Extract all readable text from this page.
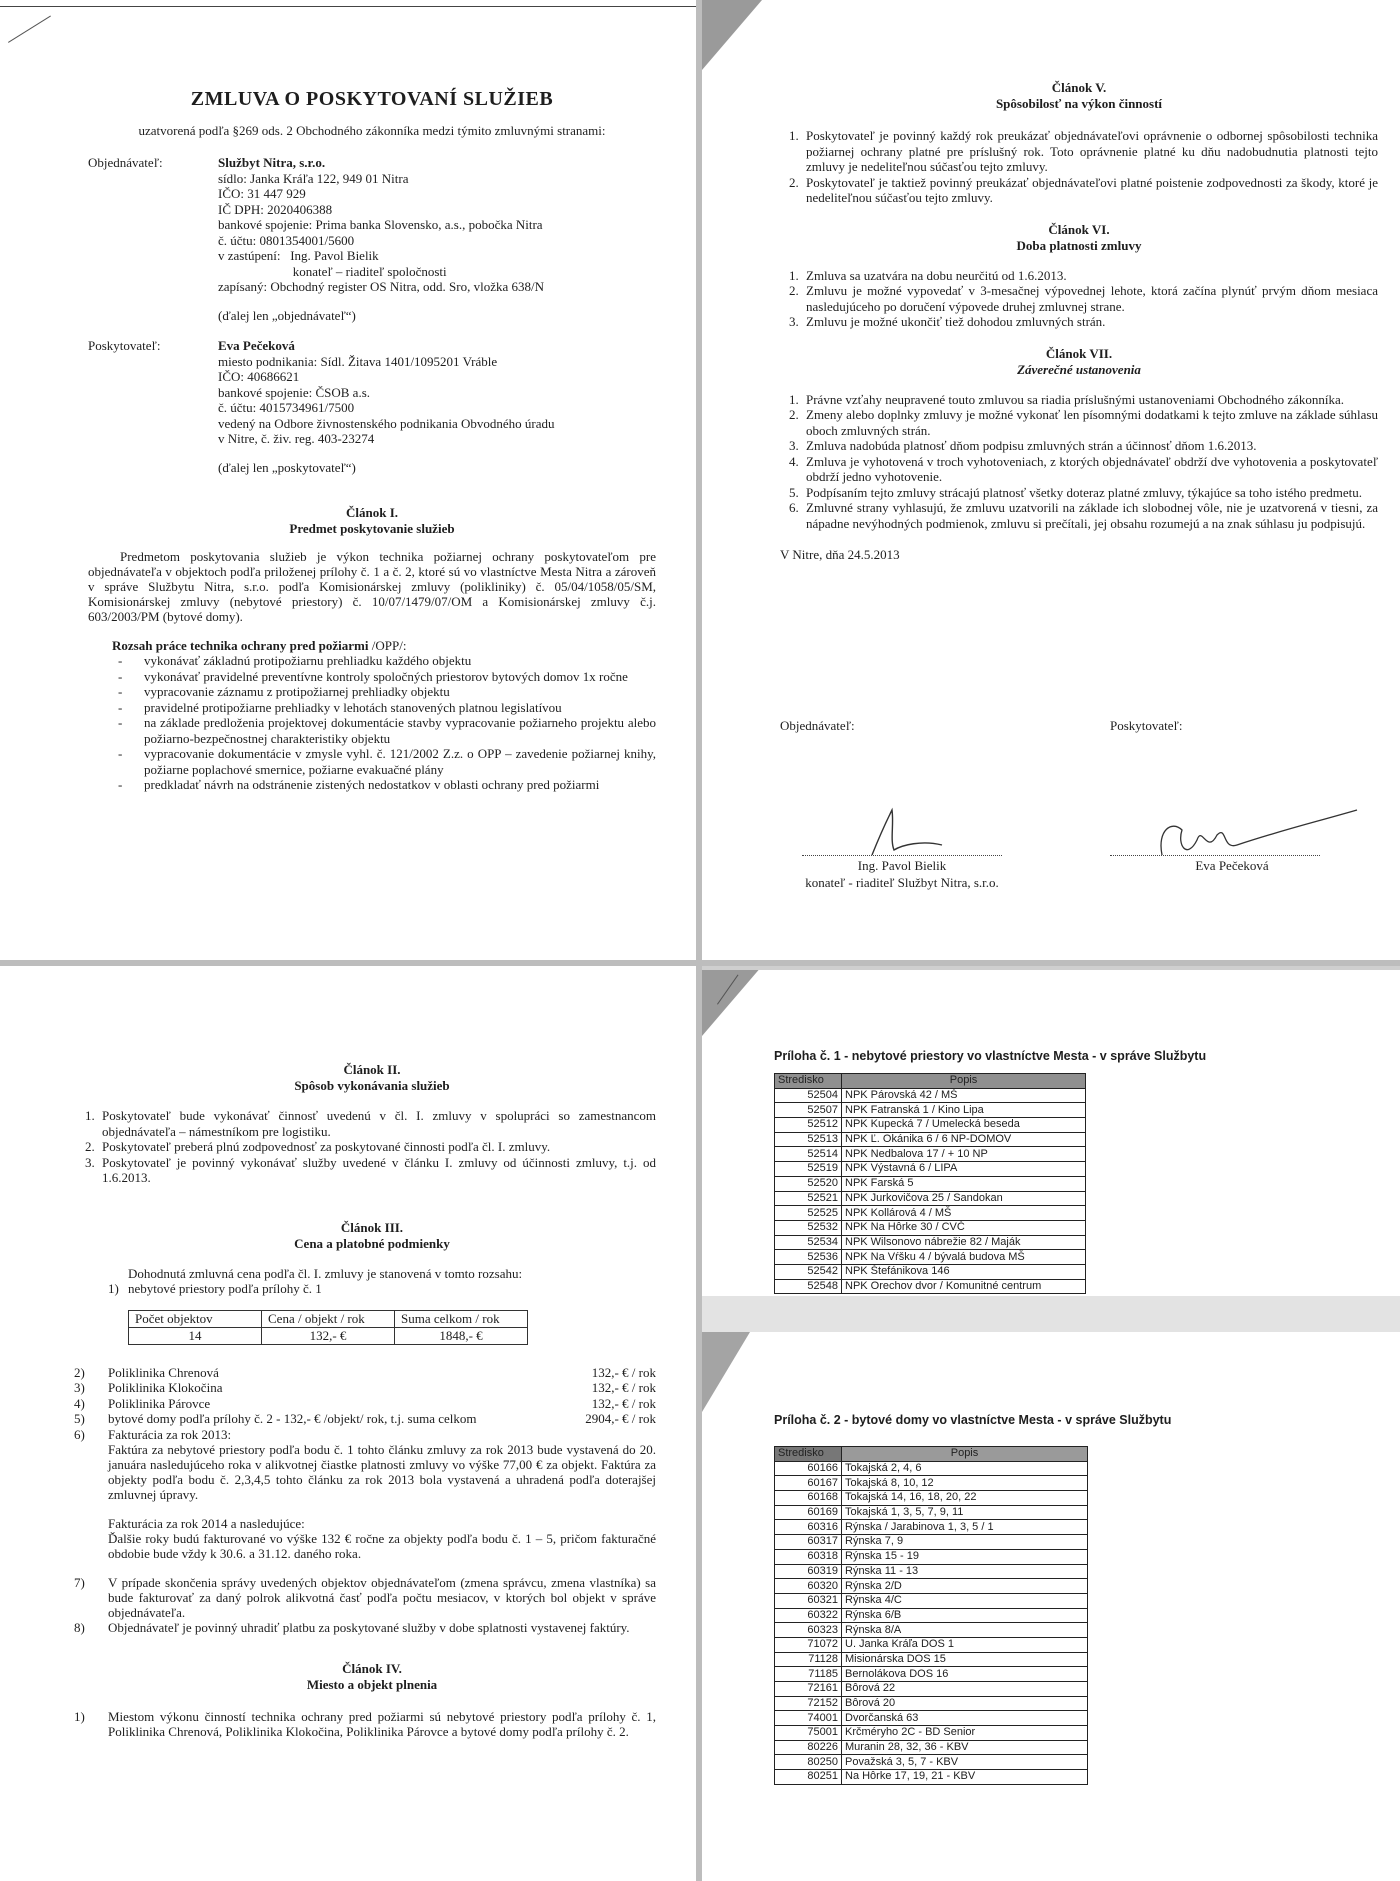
ZMLUVA O POSKYTOVANÍ SLUŽIEB
uzatvorená podľa §269 ods. 2 Obchodného zákonníka medzi týmito zmluvnými stranami:
Objednávateľ:	Službyt Nitra, s.r.o.
sídlo: Janka Kráľa 122, 949 01 Nitra
IČO: 31 447 929
IČ DPH: 2020406388
bankové spojenie: Prima banka Slovensko, a.s., pobočka Nitra
č. účtu: 0801354001/5600
v zastúpení:   Ing. Pavol Bielik
konateľ – riaditeľ spoločnosti
zapísaný: Obchodný register OS Nitra, odd. Sro, vložka 638/N
(ďalej len „objednávateľ“)
Poskytovateľ:	Eva Pečeková
miesto podnikania: Sídl. Žitava 1401/1095201 Vráble
IČO: 40686621
bankové spojenie: ČSOB a.s.
č. účtu: 4015734961/7500
vedený na Odbore živnostenského podnikania Obvodného úradu
v Nitre, č. živ. reg. 403-23274
(ďalej len „poskytovateľ“)
Článok I.
Predmet poskytovanie služieb
Predmetom poskytovania služieb je výkon technika požiarnej ochrany poskytovateľom pre objednávateľa v objektoch podľa priloženej prílohy č. 1 a č. 2, ktoré sú vo vlastníctve Mesta Nitra a zároveň v správe Službytu Nitra, s.r.o. podľa Komisionárskej zmluvy (polikliniky) č. 05/04/1058/05/SM, Komisionárskej zmluvy (nebytové priestory) č. 10/07/1479/07/OM a Komisionárskej zmluvy č.j. 603/2003/PM (bytové domy).
Rozsah práce technika ochrany pred požiarmi /OPP/:
- vykonávať základnú protipožiarnu prehliadku každého objektu
- vykonávať pravidelné preventívne kontroly spoločných priestorov bytových domov 1x ročne
- vypracovanie záznamu z protipožiarnej prehliadky objektu
- pravidelné protipožiarne prehliadky v lehotách stanovených platnou legislatívou
- na základe predloženia projektovej dokumentácie stavby vypracovanie požiarneho projektu alebo požiarno-bezpečnostnej charakteristiky objektu
- vypracovanie dokumentácie v zmysle vyhl. č. 121/2002 Z.z. o OPP – zavedenie požiarnej knihy, požiarne poplachové smernice, požiarne evakuačné plány
- predkladať návrh na odstránenie zistených nedostatkov v oblasti ochrany pred požiarmi
Článok V.
Spôsobilosť na výkon činností
1. Poskytovateľ je povinný každý rok preukázať objednávateľovi oprávnenie o odbornej spôsobilosti technika požiarnej ochrany platné pre príslušný rok. Toto oprávnenie platné ku dňu nadobudnutia platnosti tejto zmluvy je nedeliteľnou súčasťou tejto zmluvy.
2. Poskytovateľ je taktiež povinný preukázať objednávateľovi platné poistenie zodpovednosti za škody, ktoré je nedeliteľnou súčasťou tejto zmluvy.
Článok VI.
Doba platnosti zmluvy
1. Zmluva sa uzatvára na dobu neurčitú od 1.6.2013.
2. Zmluvu je možné vypovedať v 3-mesačnej výpovednej lehote, ktorá začína plynúť prvým dňom mesiaca nasledujúceho po doručení výpovede druhej zmluvnej strane.
3. Zmluvu je možné ukončiť tiež dohodou zmluvných strán.
Článok VII.
Záverečné ustanovenia
1. Právne vzťahy neupravené touto zmluvou sa riadia príslušnými ustanoveniami Obchodného zákonníka.
2. Zmeny alebo doplnky zmluvy je možné vykonať len písomnými dodatkami k tejto zmluve na základe súhlasu oboch zmluvných strán.
3. Zmluva nadobúda platnosť dňom podpisu zmluvných strán a účinnosť dňom 1.6.2013.
4. Zmluva je vyhotovená v troch vyhotoveniach, z ktorých objednávateľ obdrží dve vyhotovenia a poskytovateľ obdrží jedno vyhotovenie.
5. Podpísaním tejto zmluvy strácajú platnosť všetky doteraz platné zmluvy, týkajúce sa toho istého predmetu.
6. Zmluvné strany vyhlasujú, že zmluvu uzatvorili na základe ich slobodnej vôle, nie je uzatvorená v tiesni, za nápadne nevýhodných podmienok, zmluvu si prečítali, jej obsahu rozumejú a na znak súhlasu ju podpisujú.
V Nitre, dňa 24.5.2013
Objednávateľ:	Poskytovateľ:
Ing. Pavol Bielik
konateľ - riaditeľ Službyt Nitra, s.r.o.
Eva Pečeková
Článok II.
Spôsob vykonávania služieb
1. Poskytovateľ bude vykonávať činnosť uvedenú v čl. I. zmluvy v spolupráci so zamestnancom objednávateľa – námestníkom pre logistiku.
2. Poskytovateľ preberá plnú zodpovednosť za poskytované činnosti podľa čl. I. zmluvy.
3. Poskytovateľ je povinný vykonávať služby uvedené v článku I. zmluvy od účinnosti zmluvy, t.j. od 1.6.2013.
Článok III.
Cena a platobné podmienky
Dohodnutá zmluvná cena podľa čl. I. zmluvy je stanovená v tomto rozsahu:
1) nebytové priestory podľa prílohy č. 1
Počet objektov	Cena / objekt / rok	Suma celkom / rok
14	132,- €	1848,- €
2) Poliklinika Chrenová	132,- € / rok
3) Poliklinika Klokočina	132,- € / rok
4) Poliklinika Párovce	132,- € / rok
5) bytové domy podľa prílohy č. 2 - 132,- € /objekt/ rok, t.j. suma celkom	2904,- € / rok
6) Fakturácia za rok 2013:
Faktúra za nebytové priestory podľa bodu č. 1 tohto článku zmluvy za rok 2013 bude vystavená do 20. januára nasledujúceho roka v alikvotnej čiastke platnosti zmluvy vo výške 77,00 € za objekt. Faktúra za objekty podľa bodu č. 2,3,4,5 tohto článku za rok 2013 bola vystavená a uhradená podľa doterajšej zmluvnej úpravy.
Fakturácia za rok 2014 a nasledujúce:
Ďalšie roky budú fakturované vo výške 132 € ročne za objekty podľa bodu č. 1 – 5, pričom fakturačné obdobie bude vždy k 30.6. a 31.12. daného roka.
7)	V prípade skončenia správy uvedených objektov objednávateľom (zmena správcu, zmena vlastníka) sa bude fakturovať za daný polrok alikvotná časť podľa počtu mesiacov, v ktorých bol objekt v správe objednávateľa.
8)	Objednávateľ je povinný uhradiť platbu za poskytované služby v dobe splatnosti vystavenej faktúry.
Článok IV.
Miesto a objekt plnenia
1)	Miestom výkonu činností technika ochrany pred požiarmi sú nebytové priestory podľa prílohy č. 1, Poliklinika Chrenová, Poliklinika Klokočina, Poliklinika Párovce a bytové domy podľa prílohy č. 2.
Príloha č. 1 - nebytové priestory vo vlastníctve Mesta - v správe Službytu
Stredisko	Popis
52504	NPK Párovská 42 / MŠ
52507	NPK Fatranská 1 / Kino Lipa
52512	NPK Kupecká 7 / Umelecká beseda
52513	NPK Ľ. Okánika 6 / 6 NP-DOMOV
52514	NPK Nedbalova 17 / + 10 NP
52519	NPK Výstavná 6 / LIPA
52520	NPK Farská 5
52521	NPK Jurkovičova 25 / Sandokan
52525	NPK Kollárová 4 / MŠ
52532	NPK Na Hôrke 30 / CVČ
52534	NPK Wilsonovo nábrežie 82 / Maják
52536	NPK Na Vŕšku 4 / bývalá budova MŠ
52542	NPK Štefánikova 146
52548	NPK Orechov dvor / Komunitné centrum
Príloha č. 2 - bytové domy vo vlastníctve Mesta - v správe Službytu
Stredisko	Popis
60166	Tokajská 2, 4, 6
60167	Tokajská 8, 10, 12
60168	Tokajská 14, 16, 18, 20, 22
60169	Tokajská 1, 3, 5, 7, 9, 11
60316	Rýnska / Jarabinova 1, 3, 5 / 1
60317	Rýnska 7, 9
60318	Rýnska 15 - 19
60319	Rýnska 11 - 13
60320	Rýnska 2/D
60321	Rýnska 4/C
60322	Rýnska 6/B
60323	Rýnska 8/A
71072	U. Janka Kráľa DOS 1
71128	Misionárska DOS 15
71185	Bernolákova DOS 16
72161	Bôrová 22
72152	Bôrová 20
74001	Dvorčanská 63
75001	Krčméryho 2C - BD Senior
80226	Muranin 28, 32, 36 - KBV
80250	Považská 3, 5, 7 - KBV
80251	Na Hôrke 17, 19, 21 - KBV
